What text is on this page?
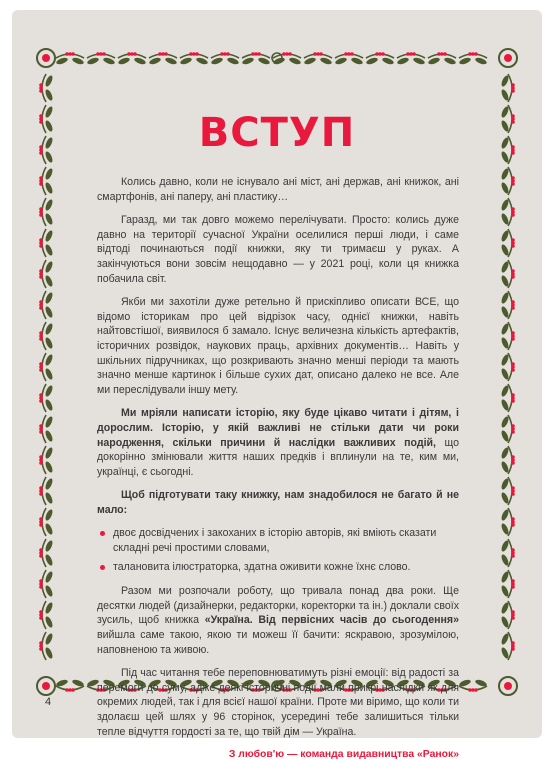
ВСТУП

Колись давно, коли не існувало ані міст, ані держав, ані книжок, ані смартфонів, ані паперу, ані пластику…

Гаразд, ми так довго можемо перелічувати. Просто: колись дуже давно на території сучасної України оселилися перші люди, і саме відтоді починаються події книжки, яку ти тримаєш у руках. А закінчуються вони зовсім нещодавно — у 2021 році, коли ця книжка побачила світ.

Якби ми захотіли дуже ретельно й прискіпливо описати ВСЕ, що відомо історикам про цей відрізок часу, однієї книжки, навіть найтовстішої, виявилося б замало. Існує величезна кількість артефактів, історичних розвідок, наукових праць, архівних документів… Навіть у шкільних підручниках, що розкривають значно менші періоди та мають значно менше картинок і більше сухих дат, описано далеко не все. Але ми переслідували іншу мету.

Ми мріяли написати історію, яку буде цікаво читати і дітям, і дорослим. Історію, у якій важливі не стільки дати чи роки народження, скільки причини й наслідки важливих подій, що докорінно змінювали життя наших предків і вплинули на те, ким ми, українці, є сьогодні.

Щоб підготувати таку книжку, нам знадобилося не багато й не мало:

двоє досвідчених і закоханих в історію авторів, які вміють сказати складні речі простими словами,
талановита ілюстраторка, здатна оживити кожне їхнє слово.

Разом ми розпочали роботу, що тривала понад два роки. Ще десятки людей (дизайнерки, редакторки, коректорки та ін.) доклали своїх зусиль, щоб книжка «Україна. Від первісних часів до сьогодення» вийшла саме такою, якою ти можеш її бачити: яскравою, зрозумілою, наповненою та живою.

Під час читання тебе переповнюватимуть різні емоції: від радості за перемоги до суму, адже деякі історичні події мали прикрі наслідки як для окремих людей, так і для всієї нашої країни. Проте ми віримо, що коли ти здолаєш цей шлях у 96 сторінок, усередині тебе залишиться тільки тепле відчуття гордості за те, що твій дім — Україна.

З любов'ю — команда видавництва «Ранок»
4
